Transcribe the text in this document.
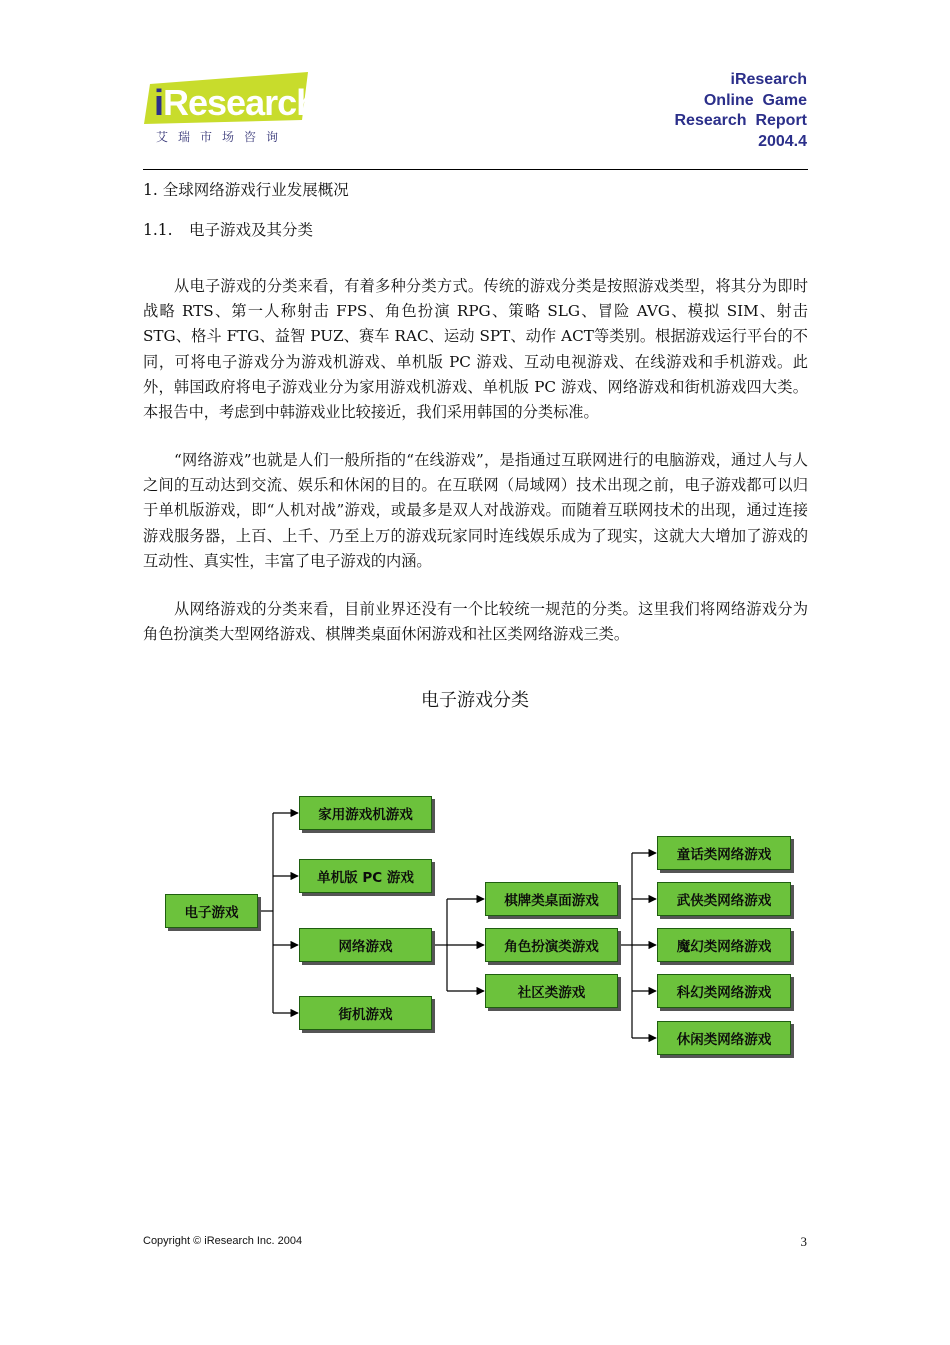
iResearch
艾瑞市场咨询
iResearch
Online  Game
Research  Report
2004.4
1. 全球网络游戏行业发展概况
1.1. 电子游戏及其分类
从电子游戏的分类来看，有着多种分类方式。传统的游戏分类是按照游戏类型，将其分为即时战略 RTS、第一人称射击 FPS、角色扮演 RPG、策略 SLG、冒险 AVG、模拟 SIM、射击 STG、格斗 FTG、益智 PUZ、赛车 RAC、运动 SPT、动作 ACT等类别。根据游戏运行平台的不同，可将电子游戏分为游戏机游戏、单机版 PC 游戏、互动电视游戏、在线游戏和手机游戏。此外，韩国政府将电子游戏业分为家用游戏机游戏、单机版 PC 游戏、网络游戏和街机游戏四大类。本报告中，考虑到中韩游戏业比较接近，我们采用韩国的分类标准。
“网络游戏”也就是人们一般所指的“在线游戏”，是指通过互联网进行的电脑游戏，通过人与人之间的互动达到交流、娱乐和休闲的目的。在互联网（局域网）技术出现之前，电子游戏都可以归于单机版游戏，即“人机对战”游戏，或最多是双人对战游戏。而随着互联网技术的出现，通过连接游戏服务器，上百、上千、乃至上万的游戏玩家同时连线娱乐成为了现实，这就大大增加了游戏的互动性、真实性，丰富了电子游戏的内涵。
从网络游戏的分类来看，目前业界还没有一个比较统一规范的分类。这里我们将网络游戏分为角色扮演类大型网络游戏、棋牌类桌面休闲游戏和社区类网络游戏三类。
电子游戏分类
电子游戏
家用游戏机游戏
单机版 PC 游戏
网络游戏
街机游戏
棋牌类桌面游戏
角色扮演类游戏
社区类游戏
童话类网络游戏
武侠类网络游戏
魔幻类网络游戏
科幻类网络游戏
休闲类网络游戏
Copyright © iResearch Inc. 2004	3
